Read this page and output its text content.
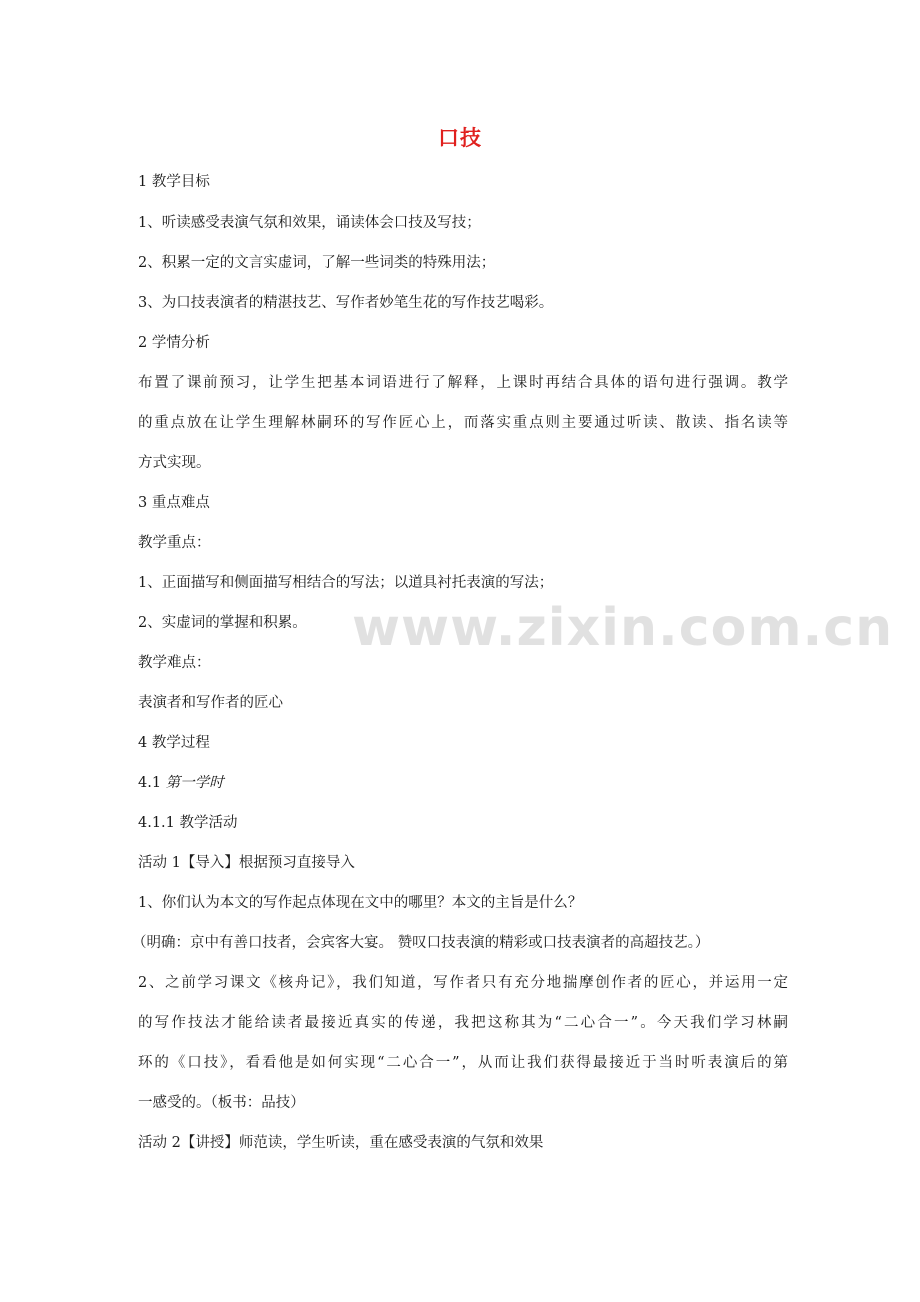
口技
1 教学目标
1、听读感受表演气氛和效果，诵读体会口技及写技；
2、积累一定的文言实虚词，了解一些词类的特殊用法；
3、为口技表演者的精湛技艺、写作者妙笔生花的写作技艺喝彩。
2 学情分析
布置了课前预习，让学生把基本词语进行了解释，上课时再结合具体的语句进行强调。教学
的重点放在让学生理解林嗣环的写作匠心上，而落实重点则主要通过听读、散读、指名读等
方式实现。
3 重点难点
教学重点：
1、正面描写和侧面描写相结合的写法；以道具衬托表演的写法；
2、实虚词的掌握和积累。
教学难点：
表演者和写作者的匠心
4 教学过程
4.1 第一学时
4.1.1 教学活动
活动 1【导入】根据预习直接导入
1、你们认为本文的写作起点体现在文中的哪里？本文的主旨是什么？
（明确：京中有善口技者，会宾客大宴。 赞叹口技表演的精彩或口技表演者的高超技艺。）
2、之前学习课文《核舟记》，我们知道，写作者只有充分地揣摩创作者的匠心，并运用一定
的写作技法才能给读者最接近真实的传递，我把这称其为“二心合一”。今天我们学习林嗣
环的《口技》，看看他是如何实现“二心合一”，从而让我们获得最接近于当时听表演后的第
一感受的。（板书：品技）
活动 2【讲授】师范读，学生听读，重在感受表演的气氛和效果
www.zixin.com.cn
